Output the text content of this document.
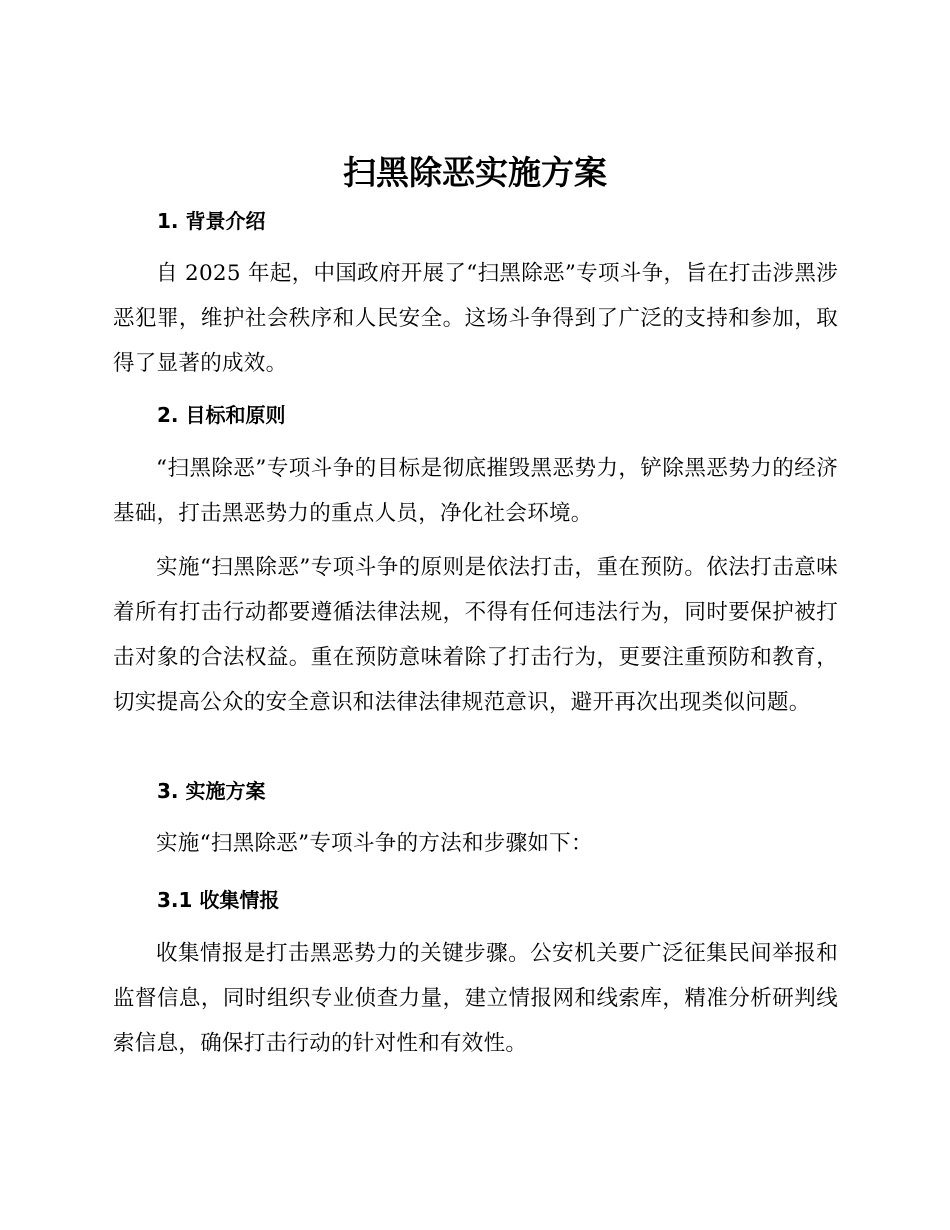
扫黑除恶实施方案
1. 背景介绍

自 2025 年起，中国政府开展了“扫黑除恶”专项斗争，旨在打击涉黑涉恶犯罪，维护社会秩序和人民安全。这场斗争得到了广泛的支持和参加，取得了显著的成效。

2. 目标和原则

“扫黑除恶”专项斗争的目标是彻底摧毁黑恶势力，铲除黑恶势力的经济基础，打击黑恶势力的重点人员，净化社会环境。

实施“扫黑除恶”专项斗争的原则是依法打击，重在预防。依法打击意味着所有打击行动都要遵循法律法规，不得有任何违法行为，同时要保护被打击对象的合法权益。重在预防意味着除了打击行为，更要注重预防和教育，切实提高公众的安全意识和法律法律规范意识，避开再次出现类似问题。

3. 实施方案

实施“扫黑除恶”专项斗争的方法和步骤如下：

3.1 收集情报

收集情报是打击黑恶势力的关键步骤。公安机关要广泛征集民间举报和监督信息，同时组织专业侦查力量，建立情报网和线索库，精准分析研判线索信息，确保打击行动的针对性和有效性。
